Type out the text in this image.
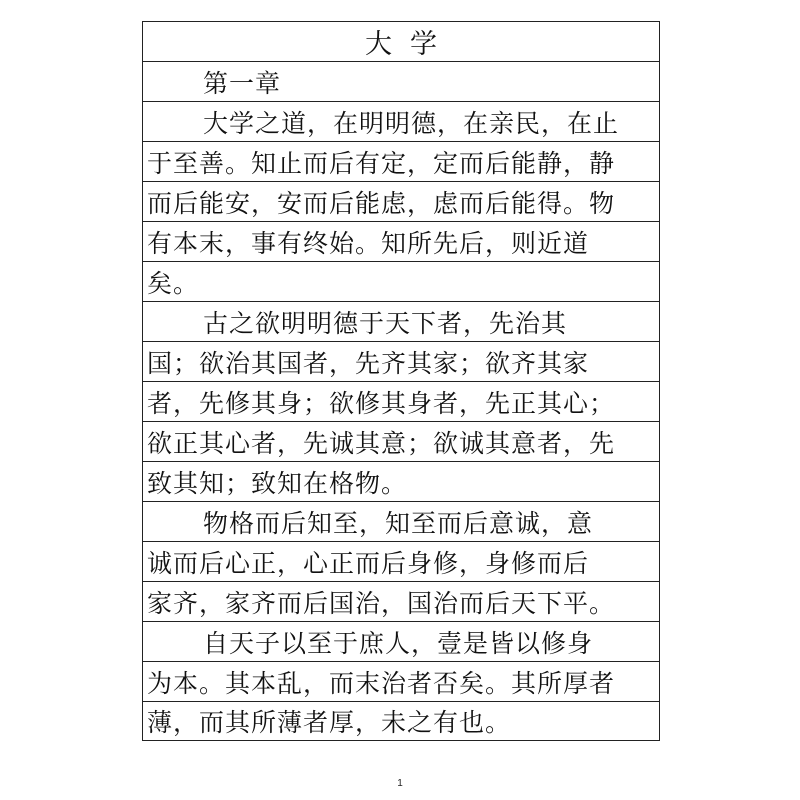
大学
第一章
大学之道，在明明德，在亲民，在止
于至善。知止而后有定，定而后能静，静
而后能安，安而后能虑，虑而后能得。物
有本末，事有终始。知所先后，则近道
矣。
古之欲明明德于天下者，先治其
国；欲治其国者，先齐其家；欲齐其家
者，先修其身；欲修其身者，先正其心；
欲正其心者，先诚其意；欲诚其意者，先
致其知；致知在格物。
物格而后知至，知至而后意诚，意
诚而后心正，心正而后身修，身修而后
家齐，家齐而后国治，国治而后天下平。
自天子以至于庶人，壹是皆以修身
为本。其本乱，而末治者否矣。其所厚者
薄，而其所薄者厚，未之有也。
1
